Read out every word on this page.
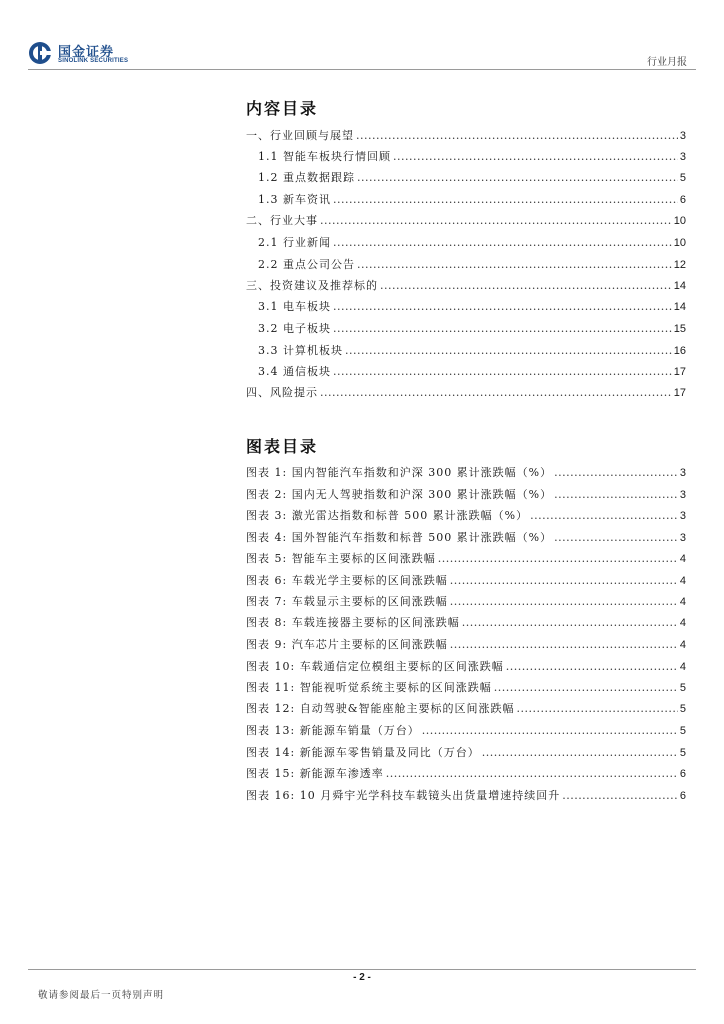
国金证券
SINOLINK SECURITIES	行业月报
内容目录
一、行业回顾与展望 .....	3
1.1 智能车板块行情回顾 .....	3
1.2 重点数据跟踪 .....	5
1.3 新车资讯 .....	6
二、行业大事 .....	10
2.1 行业新闻 .....	10
2.2 重点公司公告 .....	12
三、投资建议及推荐标的 .....	14
3.1 电车板块 .....	14
3.2 电子板块 .....	15
3.3 计算机板块 .....	16
3.4 通信板块 .....	17
四、风险提示 .....	17
图表目录
图表 1: 国内智能汽车指数和沪深 300 累计涨跌幅（%） .....	3
图表 2: 国内无人驾驶指数和沪深 300 累计涨跌幅（%） .....	3
图表 3: 激光雷达指数和标普 500 累计涨跌幅（%） .....	3
图表 4: 国外智能汽车指数和标普 500 累计涨跌幅（%） .....	3
图表 5: 智能车主要标的区间涨跌幅 .....	4
图表 6: 车载光学主要标的区间涨跌幅 .....	4
图表 7: 车载显示主要标的区间涨跌幅 .....	4
图表 8: 车载连接器主要标的区间涨跌幅 .....	4
图表 9: 汽车芯片主要标的区间涨跌幅 .....	4
图表 10: 车载通信定位模组主要标的区间涨跌幅 .....	4
图表 11: 智能视听觉系统主要标的区间涨跌幅 .....	5
图表 12: 自动驾驶&智能座舱主要标的区间涨跌幅 .....	5
图表 13: 新能源车销量（万台） .....	5
图表 14: 新能源车零售销量及同比（万台） .....	5
图表 15: 新能源车渗透率 .....	6
图表 16: 10 月舜宇光学科技车载镜头出货量增速持续回升 .....	6
- 2 -
敬请参阅最后一页特别声明
